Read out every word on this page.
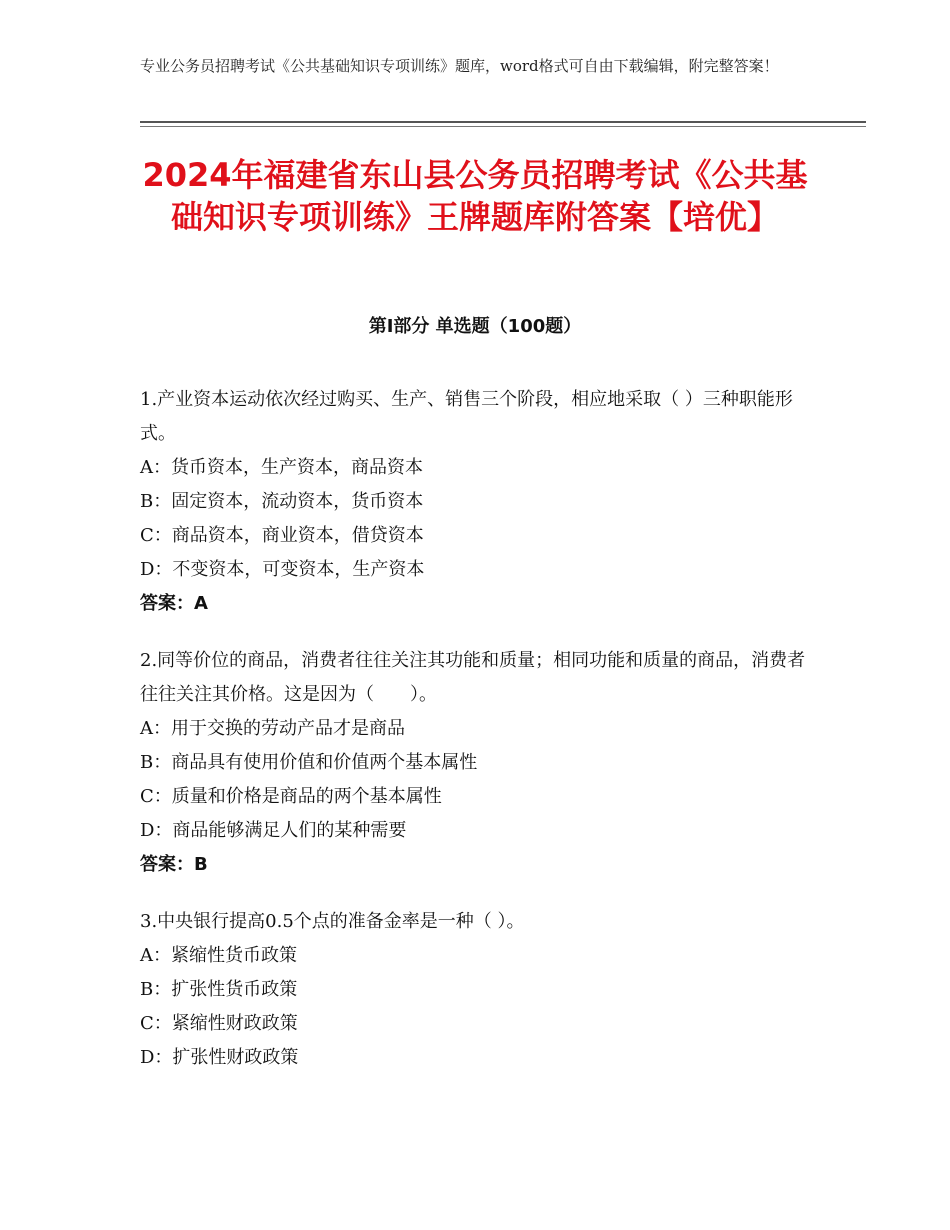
专业公务员招聘考试《公共基础知识专项训练》题库，word格式可自由下载编辑，附完整答案！
2024年福建省东山县公务员招聘考试《公共基础知识专项训练》王牌题库附答案【培优】
第Ⅰ部分 单选题（100题）
1.产业资本运动依次经过购买、生产、销售三个阶段，相应地采取（ ）三种职能形式。
A：货币资本，生产资本，商品资本
B：固定资本，流动资本，货币资本
C：商品资本，商业资本，借贷资本
D：不变资本，可变资本，生产资本
答案：A
2.同等价位的商品，消费者往往关注其功能和质量；相同功能和质量的商品，消费者往往关注其价格。这是因为（　　）。
A：用于交换的劳动产品才是商品
B：商品具有使用价值和价值两个基本属性
C：质量和价格是商品的两个基本属性
D：商品能够满足人们的某种需要
答案：B
3.中央银行提高0.5个点的准备金率是一种（ ）。
A：紧缩性货币政策
B：扩张性货币政策
C：紧缩性财政政策
D：扩张性财政政策
